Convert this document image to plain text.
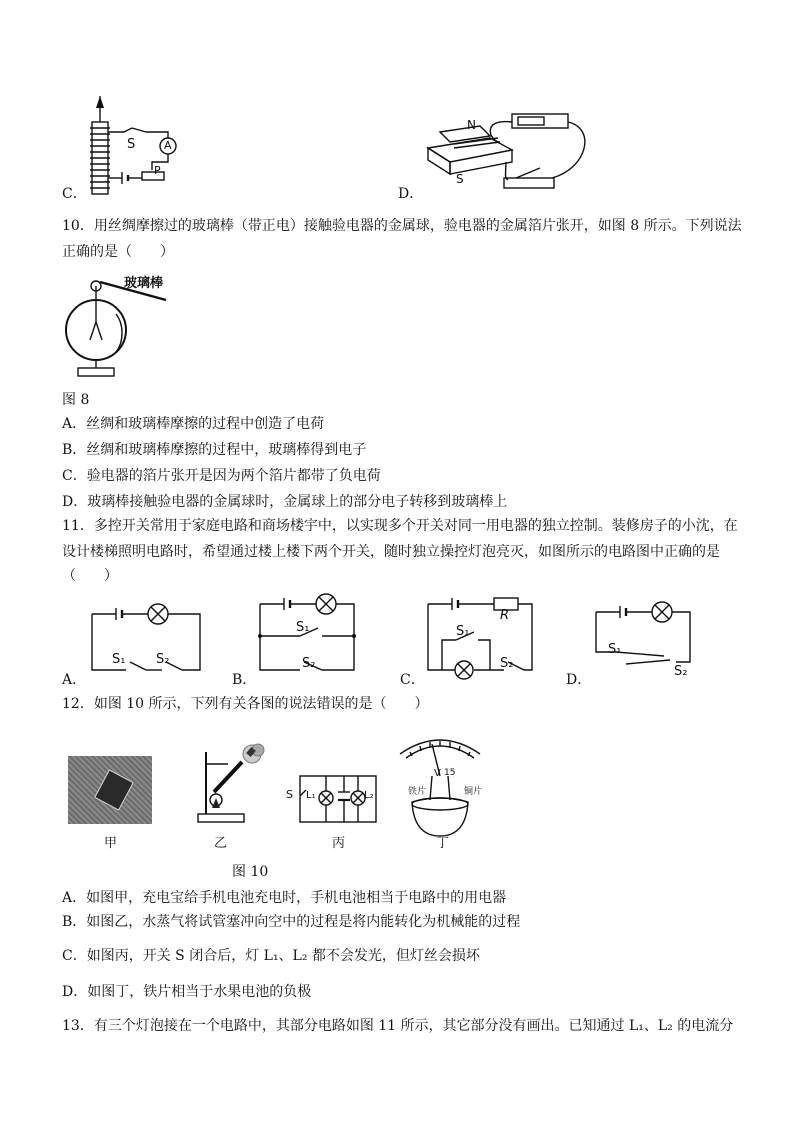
C．
S	A
P
D．
N
S
10．用丝绸摩擦过的玻璃棒（带正电）接触验电器的金属球，验电器的金属箔片张开，如图 8 所示。下列说法
正确的是（　　）
玻璃棒
图 8
A．丝绸和玻璃棒摩擦的过程中创造了电荷
B．丝绸和玻璃棒摩擦的过程中，玻璃棒得到电子
C．验电器的箔片张开是因为两个箔片都带了负电荷
D．玻璃棒接触验电器的金属球时，金属球上的部分电子转移到玻璃棒上
11．多控开关常用于家庭电路和商场楼宇中，以实现多个开关对同一用电器的独立控制。装修房子的小沈，在
设计楼梯照明电路时，希望通过楼上楼下两个开关，随时独立操控灯泡亮灭，如图所示的电路图中正确的是
（　　）
A．
S₁ S₂
B．
S₁
S₂
C．
R
S₁
S₂
D．
S₁
S₂
12．如图 10 所示，下列有关各图的说法错误的是（　　）
甲	乙
S L₁	L₂
丙
V 15
铁片	铜片
丁
图 10
A．如图甲，充电宝给手机电池充电时，手机电池相当于电路中的用电器
B．如图乙，水蒸气将试管塞冲向空中的过程是将内能转化为机械能的过程
C．如图丙，开关 S 闭合后，灯 L₁、L₂ 都不会发光，但灯丝会损坏
D．如图丁，铁片相当于水果电池的负极
13．有三个灯泡接在一个电路中，其部分电路如图 11 所示，其它部分没有画出。已知通过 L₁、L₂ 的电流分
